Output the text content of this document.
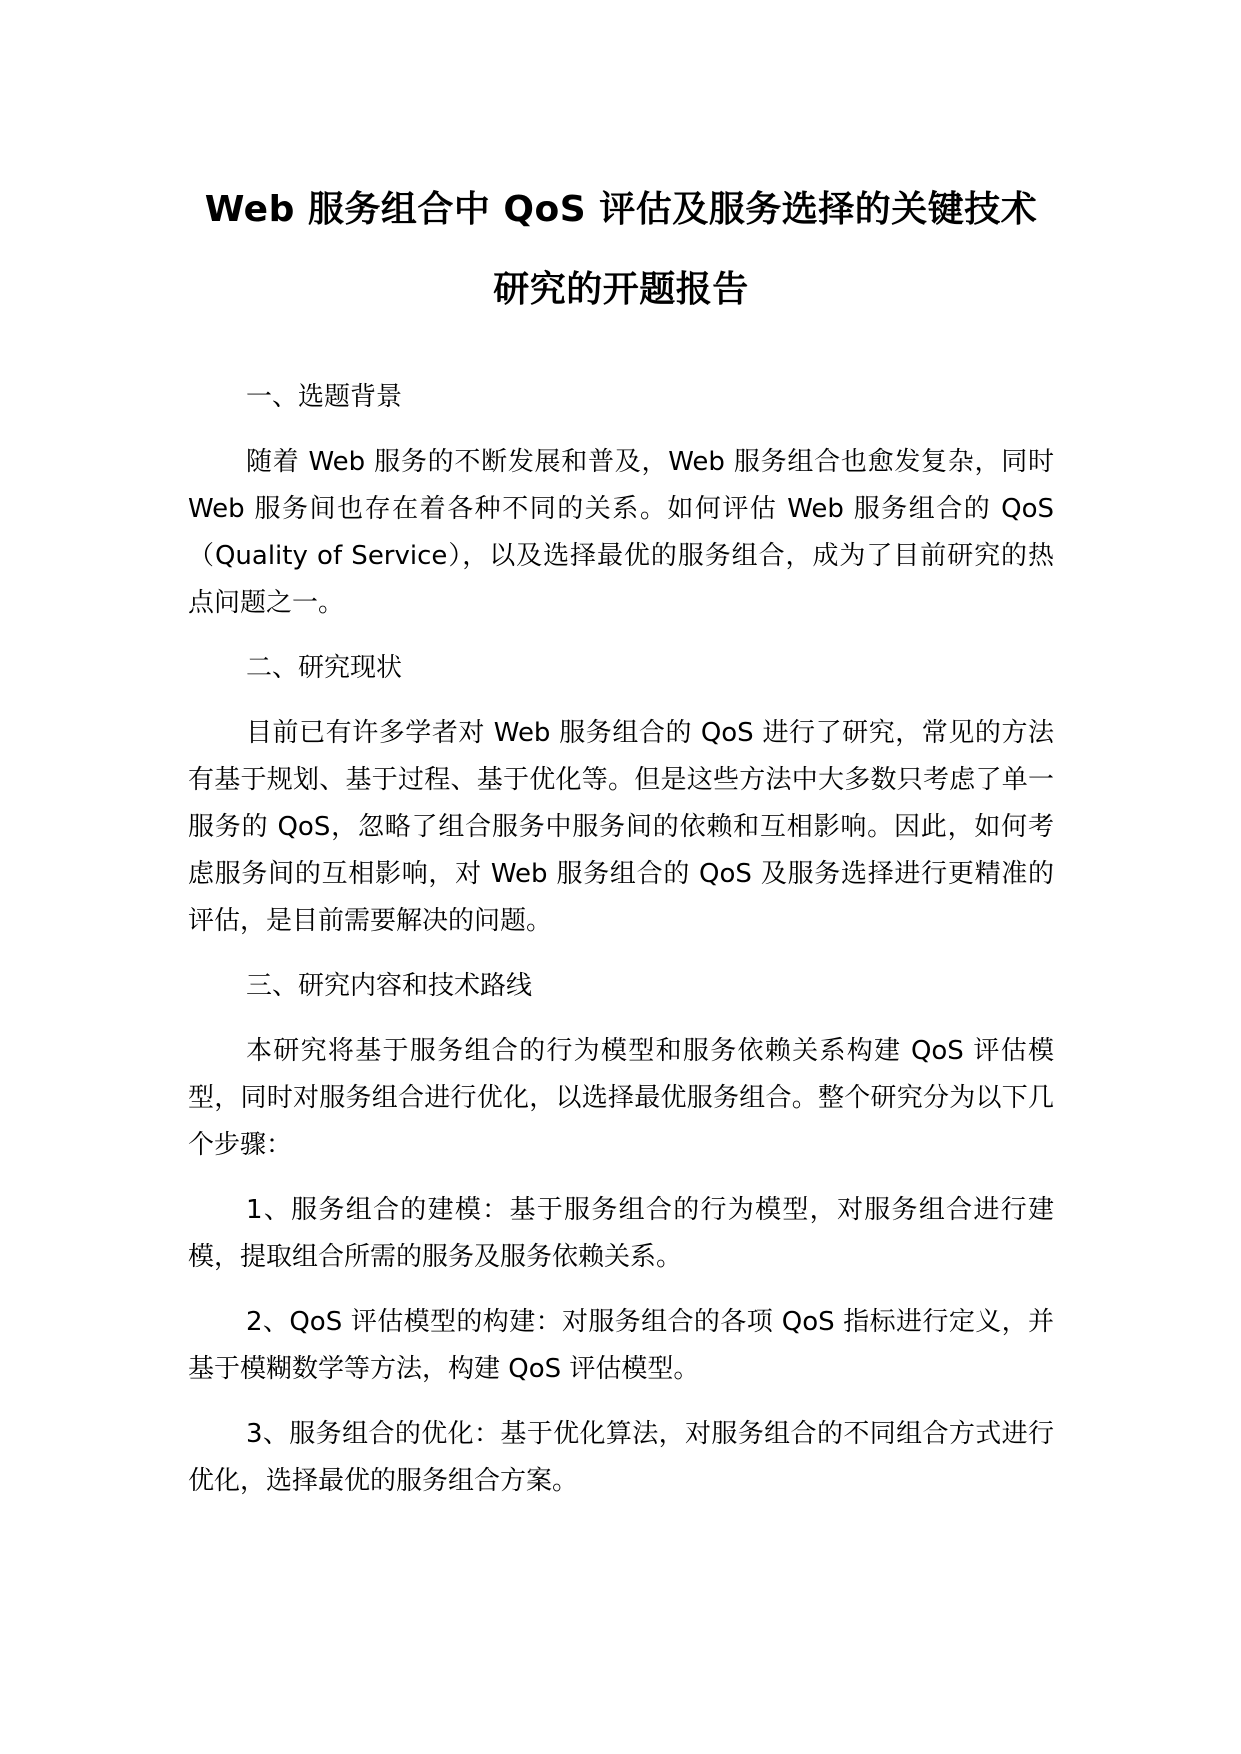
Web 服务组合中 QoS 评估及服务选择的关键技术研究的开题报告

一、选题背景

随着 Web 服务的不断发展和普及，Web 服务组合也愈发复杂，同时 Web 服务间也存在着各种不同的关系。如何评估 Web 服务组合的 QoS（Quality of Service），以及选择最优的服务组合，成为了目前研究的热点问题之一。

二、研究现状

目前已有许多学者对 Web 服务组合的 QoS 进行了研究，常见的方法有基于规划、基于过程、基于优化等。但是这些方法中大多数只考虑了单一服务的 QoS，忽略了组合服务中服务间的依赖和互相影响。因此，如何考虑服务间的互相影响，对 Web 服务组合的 QoS 及服务选择进行更精准的评估，是目前需要解决的问题。

三、研究内容和技术路线

本研究将基于服务组合的行为模型和服务依赖关系构建 QoS 评估模型，同时对服务组合进行优化，以选择最优服务组合。整个研究分为以下几个步骤：

1、服务组合的建模：基于服务组合的行为模型，对服务组合进行建模，提取组合所需的服务及服务依赖关系。

2、QoS 评估模型的构建：对服务组合的各项 QoS 指标进行定义，并基于模糊数学等方法，构建 QoS 评估模型。

3、服务组合的优化：基于优化算法，对服务组合的不同组合方式进行优化，选择最优的服务组合方案。
